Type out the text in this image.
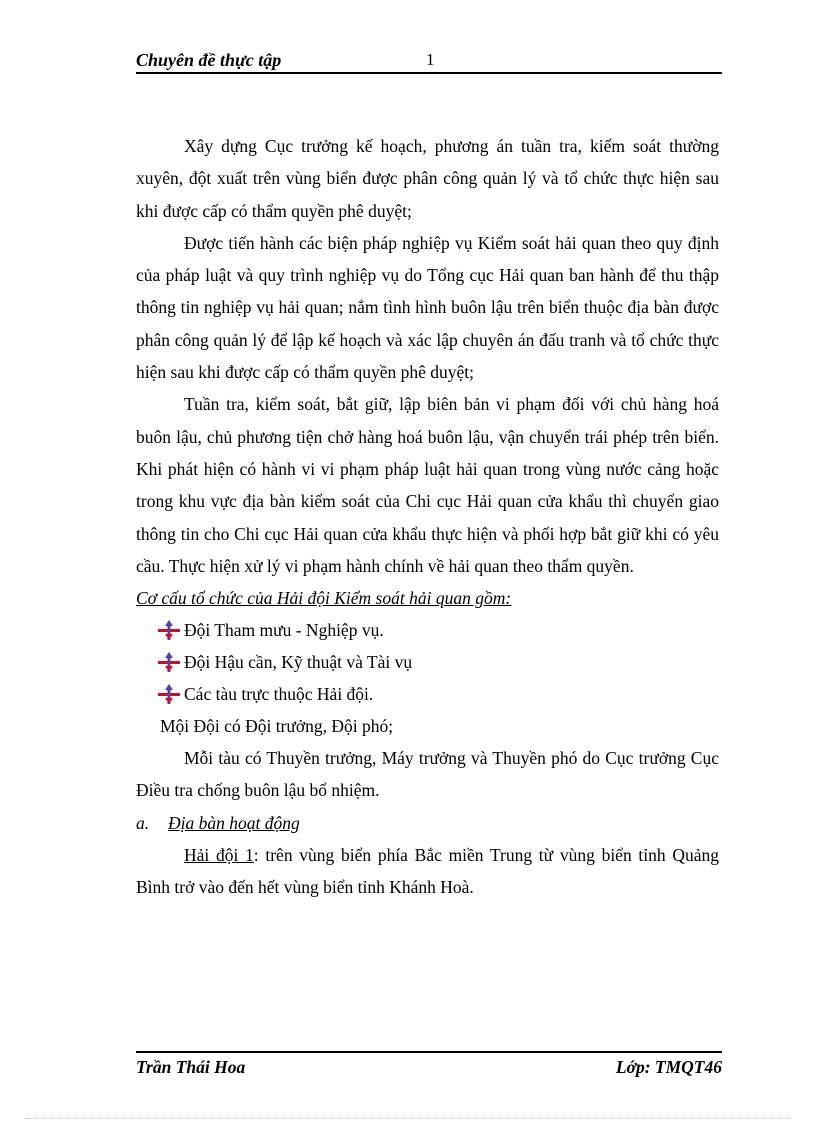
Chuyên đề thực tập	1

Xây dựng Cục trưởng kế hoạch, phương án tuần tra, kiểm soát thường xuyên, đột xuất trên vùng biển được phân công quản lý và tổ chức thực hiện sau khi được cấp có thẩm quyền phê duyệt;

Được tiến hành các biện pháp nghiệp vụ Kiểm soát hải quan theo quy định của pháp luật và quy trình nghiệp vụ do Tổng cục Hải quan ban hành để thu thập thông tin nghiệp vụ hải quan; nắm tình hình buôn lậu trên biển thuộc địa bàn được phân công quản lý để lập kế hoạch và xác lập chuyên án đấu tranh và tổ chức thực hiện sau khi được cấp có thẩm quyền phê duyệt;

Tuần tra, kiểm soát, bắt giữ, lập biên bản vi phạm đối với chủ hàng hoá buôn lậu, chủ phương tiện chở hàng hoá buôn lậu, vận chuyển trái phép trên biển. Khi phát hiện có hành vi vi phạm pháp luật hải quan trong vùng nước cảng hoặc trong khu vực địa bàn kiểm soát của Chi cục Hải quan cửa khẩu thì chuyển giao thông tin cho Chi cục Hải quan cửa khẩu thực hiện và phối hợp bắt giữ khi có yêu cầu. Thực hiện xử lý vi phạm hành chính về hải quan theo thẩm quyền.

Cơ cấu tổ chức của Hải đội Kiểm soát hải quan gồm:

Đội Tham mưu - Nghiệp vụ.
Đội Hậu cần, Kỹ thuật và Tài vụ
Các tàu trực thuộc Hải đội.

Mội Đội có Đội trưởng, Đội phó;

Mỗi tàu có Thuyền trưởng, Máy trưởng và Thuyền phó do Cục trưởng Cục Điều tra chống buôn lậu bổ nhiệm.

a.	Địa bàn hoạt động

Hải đội 1: trên vùng biển phía Bắc miền Trung từ vùng biển tỉnh Quảng Bình trở vào đến hết vùng biển tỉnh Khánh Hoà.

Trần Thái Hoa	Lớp: TMQT46
